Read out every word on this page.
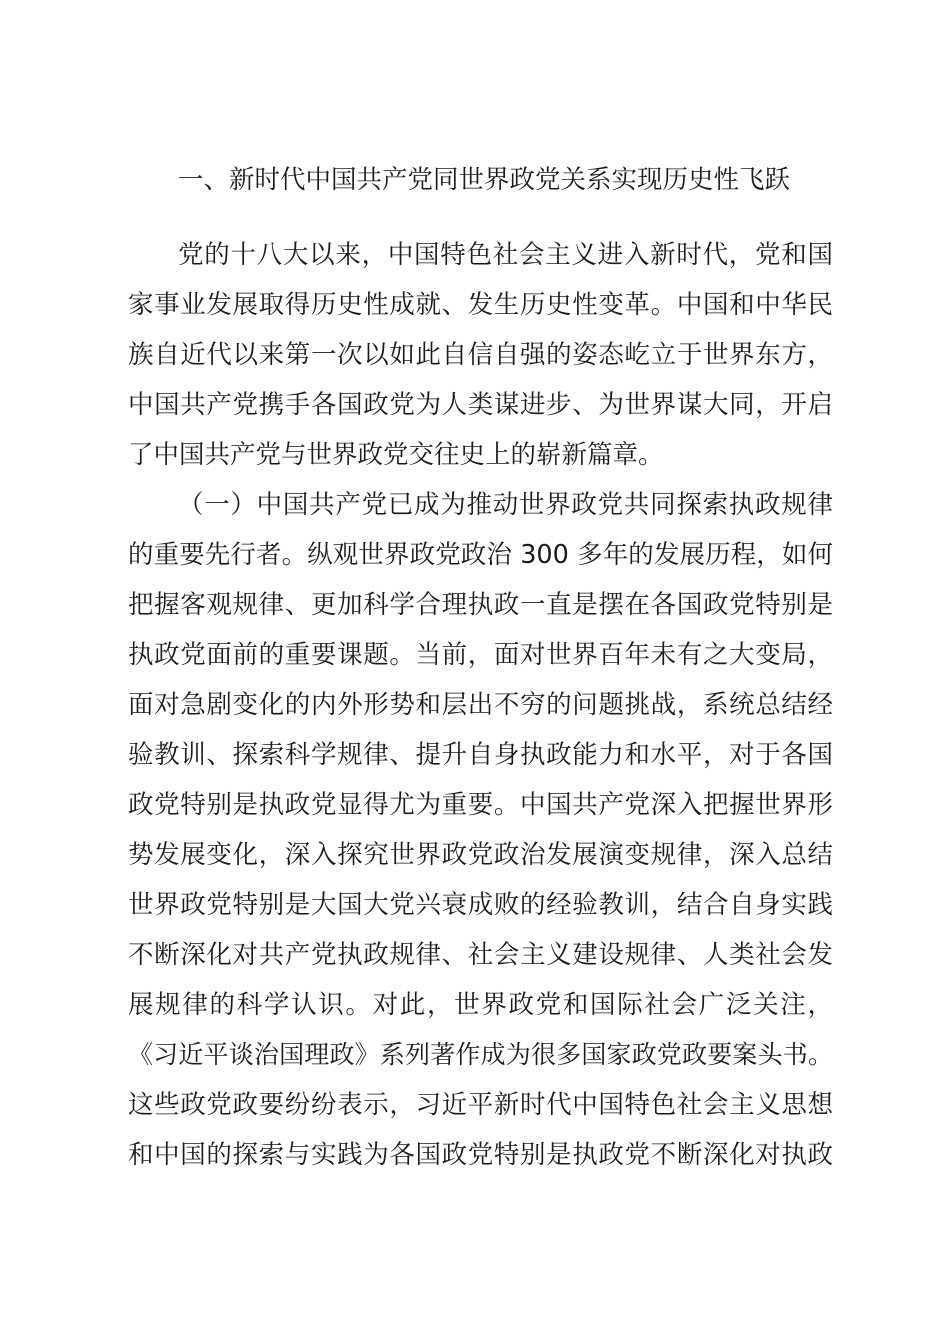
一、新时代中国共产党同世界政党关系实现历史性飞跃
党的十八大以来，中国特色社会主义进入新时代，党和国
家事业发展取得历史性成就、发生历史性变革。中国和中华民
族自近代以来第一次以如此自信自强的姿态屹立于世界东方，
中国共产党携手各国政党为人类谋进步、为世界谋大同，开启
了中国共产党与世界政党交往史上的崭新篇章。
（一）中国共产党已成为推动世界政党共同探索执政规律
的重要先行者。纵观世界政党政治 300 多年的发展历程，如何
把握客观规律、更加科学合理执政一直是摆在各国政党特别是
执政党面前的重要课题。当前，面对世界百年未有之大变局，
面对急剧变化的内外形势和层出不穷的问题挑战，系统总结经
验教训、探索科学规律、提升自身执政能力和水平，对于各国
政党特别是执政党显得尤为重要。中国共产党深入把握世界形
势发展变化，深入探究世界政党政治发展演变规律，深入总结
世界政党特别是大国大党兴衰成败的经验教训，结合自身实践
不断深化对共产党执政规律、社会主义建设规律、人类社会发
展规律的科学认识。对此，世界政党和国际社会广泛关注，
《习近平谈治国理政》系列著作成为很多国家政党政要案头书。
这些政党政要纷纷表示，习近平新时代中国特色社会主义思想
和中国的探索与实践为各国政党特别是执政党不断深化对执政
